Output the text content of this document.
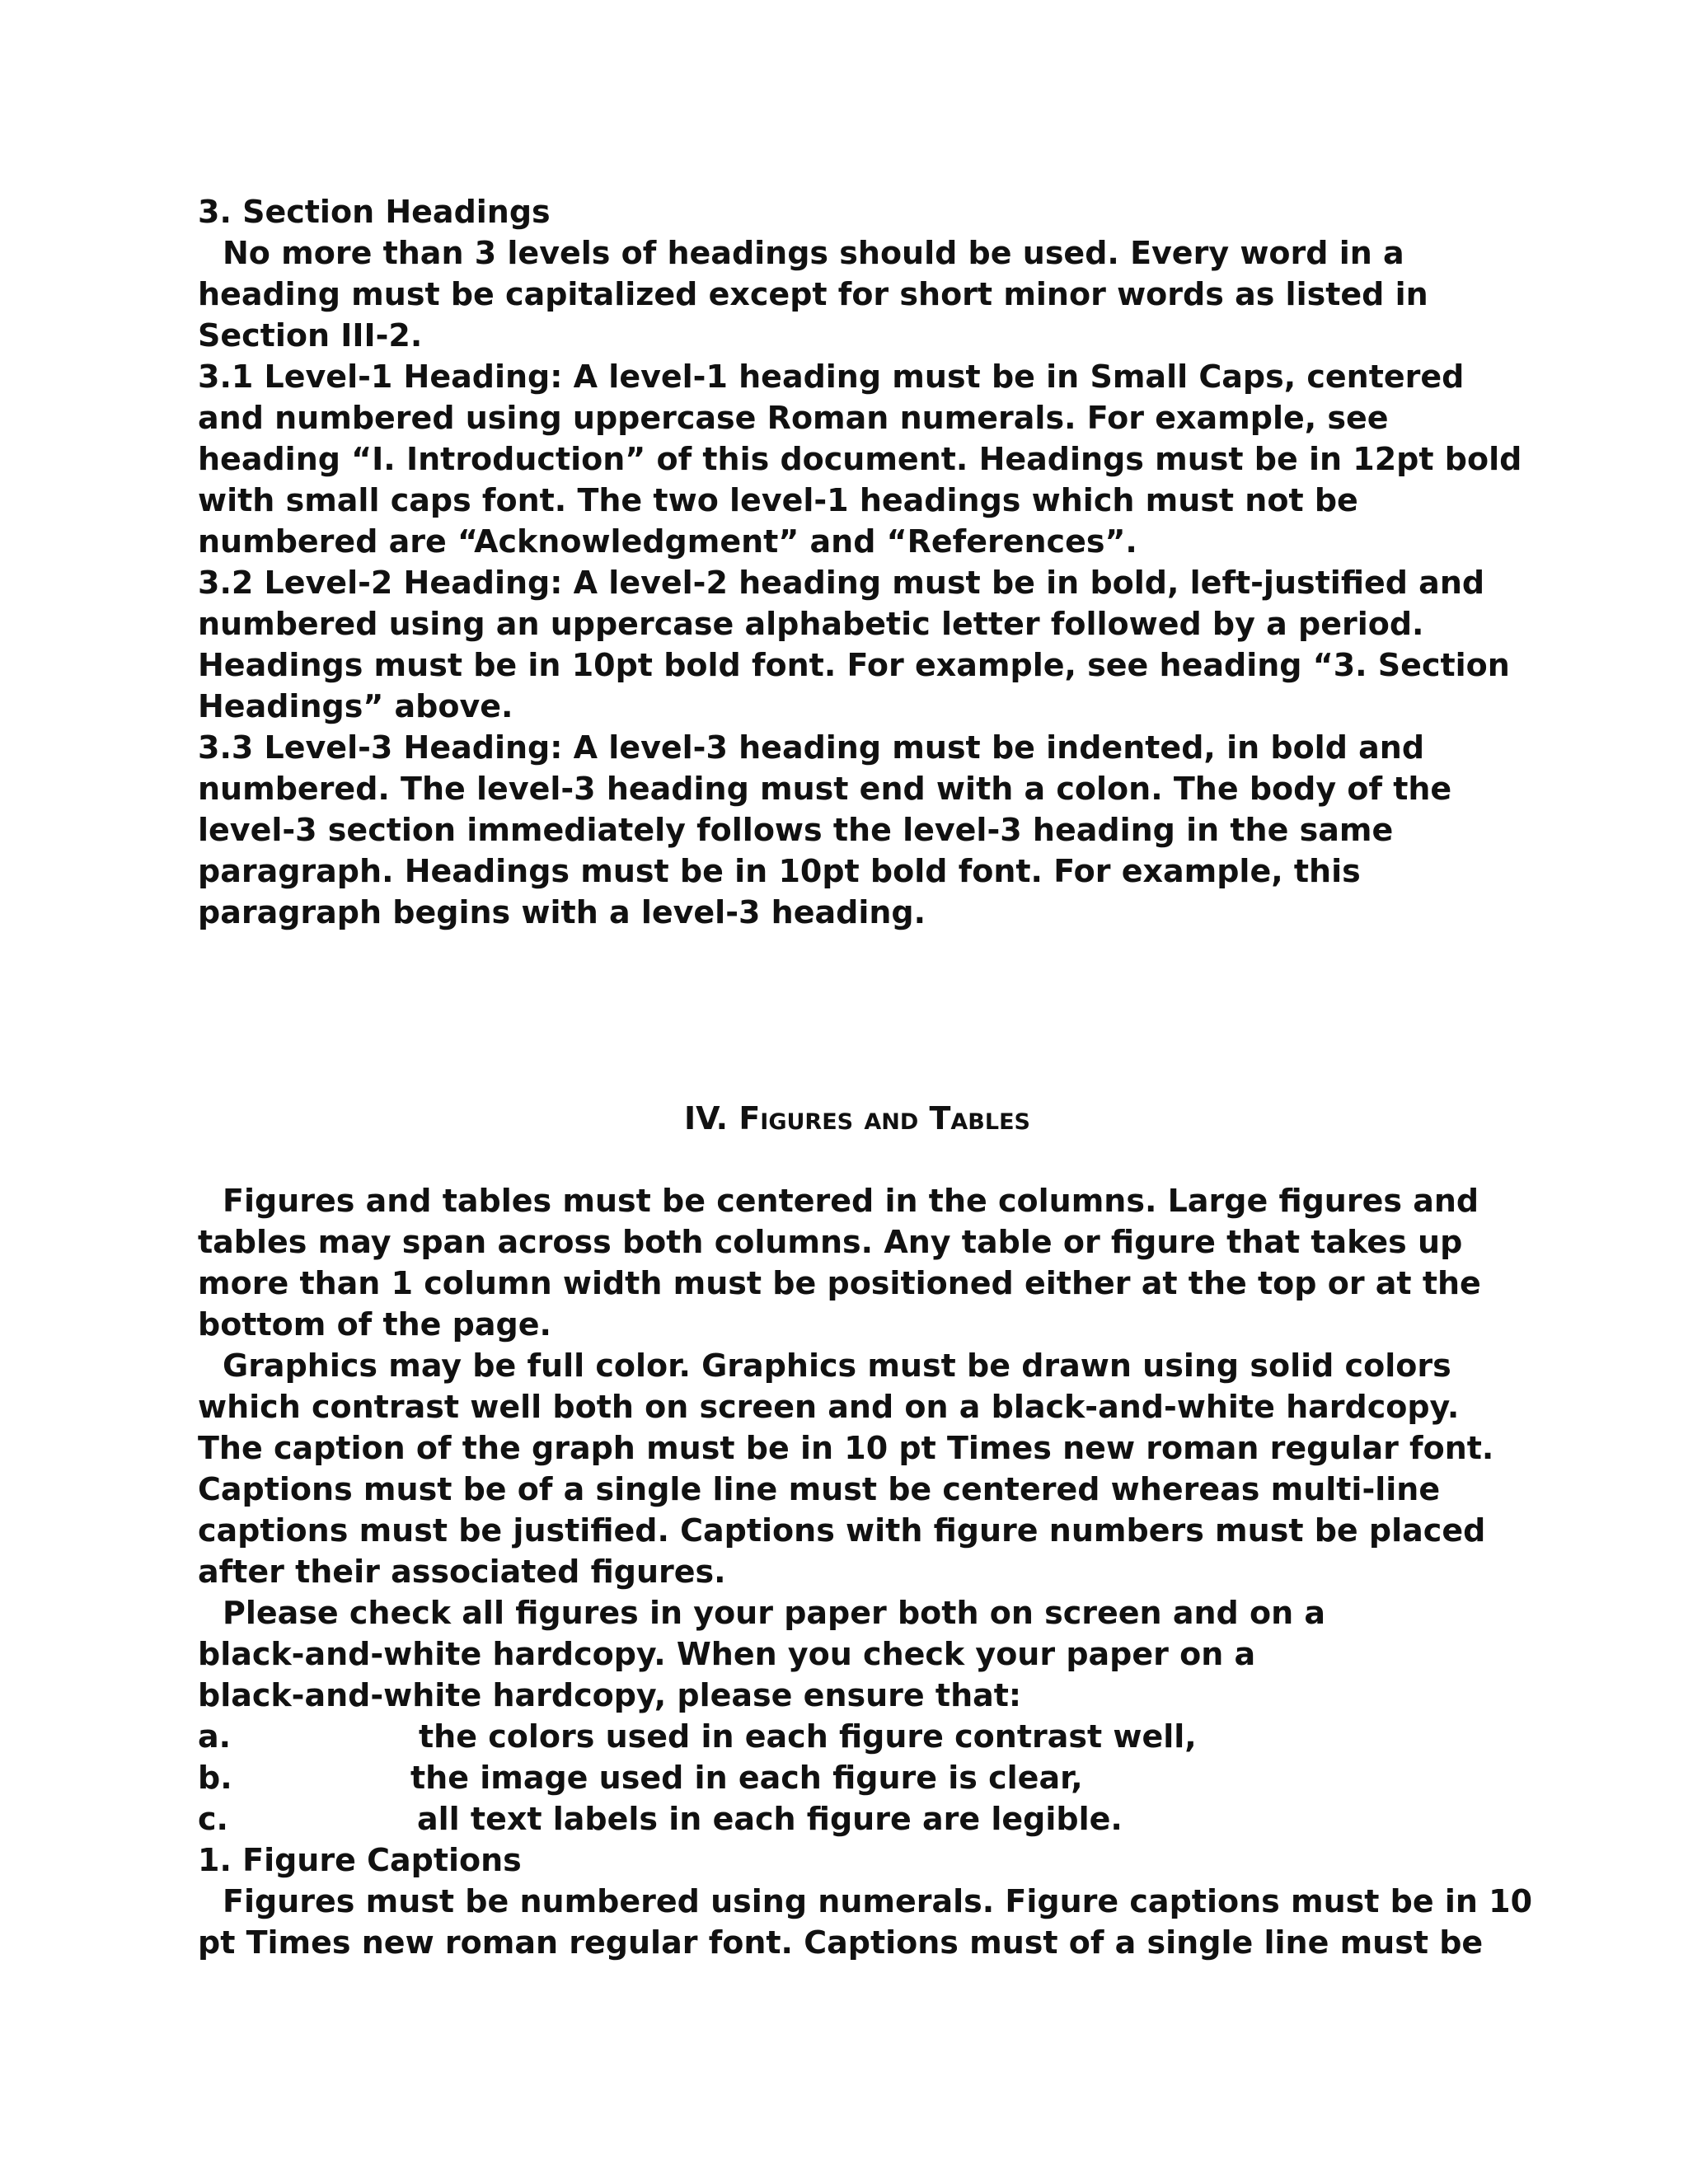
3. Section Headings
No more than 3 levels of headings should be used. Every word in a
heading must be capitalized except for short minor words as listed in
Section III-2.
3.1 Level-1 Heading: A level-1 heading must be in Small Caps, centered
and numbered using uppercase Roman numerals. For example, see
heading “I. Introduction” of this document. Headings must be in 12pt bold
with small caps font. The two level-1 headings which must not be
numbered are “Acknowledgment” and “References”.
3.2 Level-2 Heading: A level-2 heading must be in bold, left-justified and
numbered using an uppercase alphabetic letter followed by a period.
Headings must be in 10pt bold font. For example, see heading “3. Section
Headings” above.
3.3 Level-3 Heading: A level-3 heading must be indented, in bold and
numbered. The level-3 heading must end with a colon. The body of the
level-3 section immediately follows the level-3 heading in the same
paragraph. Headings must be in 10pt bold font. For example, this
paragraph begins with a level-3 heading.
IV. Figures and Tables
Figures and tables must be centered in the columns. Large figures and
tables may span across both columns. Any table or figure that takes up
more than 1 column width must be positioned either at the top or at the
bottom of the page.
Graphics may be full color. Graphics must be drawn using solid colors
which contrast well both on screen and on a black-and-white hardcopy.
The caption of the graph must be in 10 pt Times new roman regular font.
Captions must be of a single line must be centered whereas multi-line
captions must be justified. Captions with figure numbers must be placed
after their associated figures.
Please check all figures in your paper both on screen and on a
black-and-white hardcopy. When you check your paper on a
black-and-white hardcopy, please ensure that:
a.	the colors used in each figure contrast well,
b.	the image used in each figure is clear,
c.	all text labels in each figure are legible.
1. Figure Captions
Figures must be numbered using numerals. Figure captions must be in 10
pt Times new roman regular font. Captions must of a single line must be
